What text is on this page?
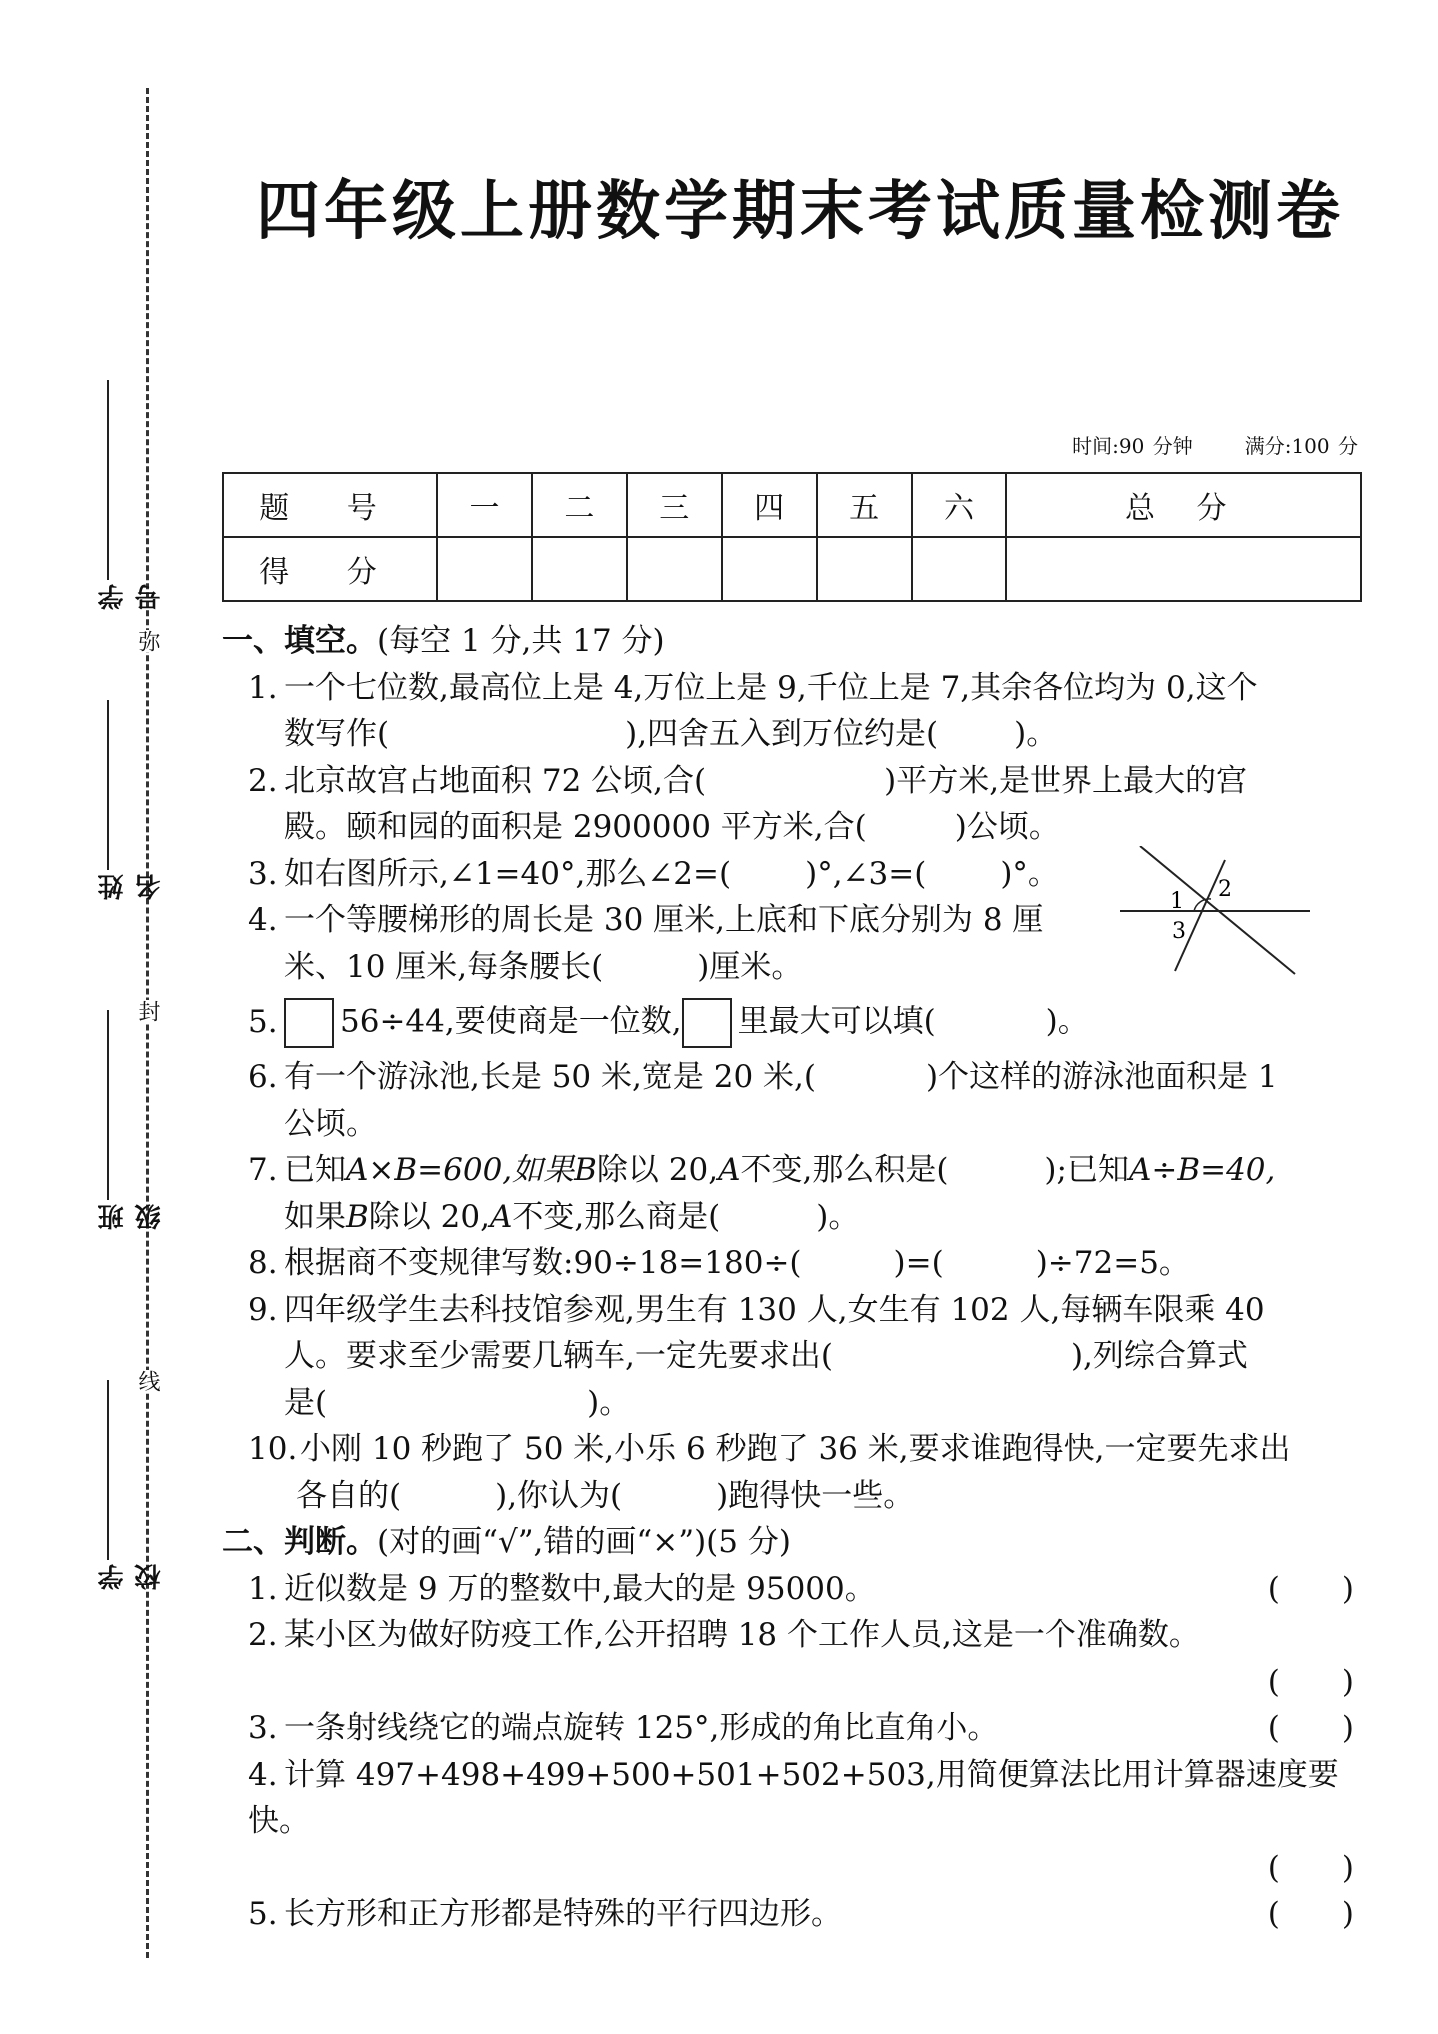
弥
封
线
学号
姓名
班级
学校
四年级上册数学期末考试质量检测卷
时间:90 分钟	满分:100 分
题 号	一	二	三	四	五	六	总 分
得 分							
1 2
3
一、填空。(每空 1 分,共 17 分)
1. 一个七位数,最高位上是 4,万位上是 9,千位上是 7,其余各位均为 0,这个
数写作(	),四舍五入到万位约是( )。
2. 北京故宫占地面积 72 公顷,合(	)平方米,是世界上最大的宫
殿。颐和园的面积是 2900000 平方米,合(	)公顷。
3. 如右图所示,∠1=40°,那么∠2=( )°,∠3=( )°。
4. 一个等腰梯形的周长是 30 厘米,上底和下底分别为 8 厘
米、10 厘米,每条腰长(	)厘米。
5. 56÷44,要使商是一位数, 里最大可以填(	)。
6. 有一个游泳池,长是 50 米,宽是 20 米,(	)个这样的游泳池面积是 1
公顷。
7. 已知A×B=600,如果B除以 20,A不变,那么积是(	);已知A÷B=40,
如果B除以 20,A不变,那么商是(	)。
8. 根据商不变规律写数:90÷18=180÷(	)=(	)÷72=5。
9. 四年级学生去科技馆参观,男生有 130 人,女生有 102 人,每辆车限乘 40
人。要求至少需要几辆车,一定先要求出(	),列综合算式
是(	)。
10.小刚 10 秒跑了 50 米,小乐 6 秒跑了 36 米,要求谁跑得快,一定要先求出
各自的(	),你认为(	)跑得快一些。
二、判断。(对的画“√”,错的画“×”)(5 分)
1. 近似数是 9 万的整数中,最大的是 95000。	(　　)
2. 某小区为做好防疫工作,公开招聘 18 个工作人员,这是一个准确数。
(　　)
3. 一条射线绕它的端点旋转 125°,形成的角比直角小。	(　　)
4. 计算 497+498+499+500+501+502+503,用简便算法比用计算器速度要快。
(　　)
5. 长方形和正方形都是特殊的平行四边形。	(　　)
